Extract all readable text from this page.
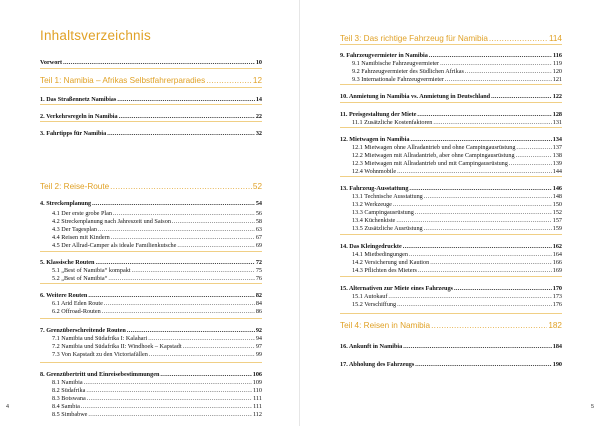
Inhaltsverzeichnis
Vorwort . . .	10
Teil 1: Namibia – Afrikas Selbstfahrerparadies . . .	12
1. Das Straßennetz Namibias . . .	14
2. Verkehrsregeln in Namibia . . .	22
3. Fahrtipps für Namibia . . .	32
Teil 2: Reise-Route . . .	52
4. Streckenplanung . . .	54
4.1 Der erste grobe Plan . . .	56
4.2 Streckenplanung nach Jahreszeit und Saison . . .	58
4.3 Der Tagesplan . . .	63
4.4 Reisen mit Kindern . . .	67
4.5 Der Allrad-Camper als ideale Familienkutsche . . .	69
5. Klassische Routen . . .	72
5.1 „Best of Namibia“ kompakt . . .	75
5.2 „Best of Namibia“ . . .	76
6. Weitere Routen . . .	82
6.1 Arid Eden Route . . .	84
6.2 Offroad-Routen . . .	86
7. Grenzüberschreitende Routen . . .	92
7.1 Namibia und Südafrika I: Kalahari . . .	94
7.2 Namibia und Südafrika II: Windhoek – Kapstadt . . .	97
7.3 Von Kapstadt zu den Victoriafällen . . .	99
8. Grenzübertritt und Einreisebestimmungen . . .	106
8.1 Namibia . . .	109
8.2 Südafrika . . .	110
8.3 Botswana . . .	111
8.4 Sambia . . .	111
8.5 Simbabwe . . .	112
4
Teil 3: Das richtige Fahrzeug für Namibia . . .	114
9. Fahrzeugvermieter in Namibia . . .	116
9.1 Namibische Fahrzeugvermieter . . .	119
9.2 Fahrzeugvermieter des Südlichen Afrikas . . .	120
9.3 Internationale Fahrzeugvermieter . . .	121
10. Anmietung in Namibia vs. Anmietung in Deutschland . . .	122
11. Preisgestaltung der Miete . . .	128
11.1 Zusätzliche Kostenfaktoren . . .	131
12. Mietwagen in Namibia . . .	134
12.1 Mietwagen ohne Allradantrieb und ohne Campingausrüstung . . .	137
12.2 Mietwagen mit Allradantrieb, aber ohne Campingausrüstung . . .	138
12.3 Mietwagen mit Allradantrieb und mit Campingausrüstung . . .	139
12.4 Wohnmobile . . .	144
13. Fahrzeug-Ausstattung . . .	146
13.1 Technische Ausstattung . . .	148
13.2 Werkzeuge . . .	150
13.3 Campingausrüstung . . .	152
13.4 Küchenkiste . . .	157
13.5 Zusätzliche Ausrüstung . . .	159
14. Das Kleingedruckte . . .	162
14.1 Mietbedingungen . . .	164
14.2 Versicherung und Kaution . . .	166
14.3 Pflichten des Mieters . . .	169
15. Alternativen zur Miete eines Fahrzeugs . . .	170
15.1 Autokauf . . .	173
15.2 Verschiffung . . .	176
Teil 4: Reisen in Namibia . . .	182
16. Ankunft in Namibia . . .	184
17. Abholung des Fahrzeugs . . .	190
5
